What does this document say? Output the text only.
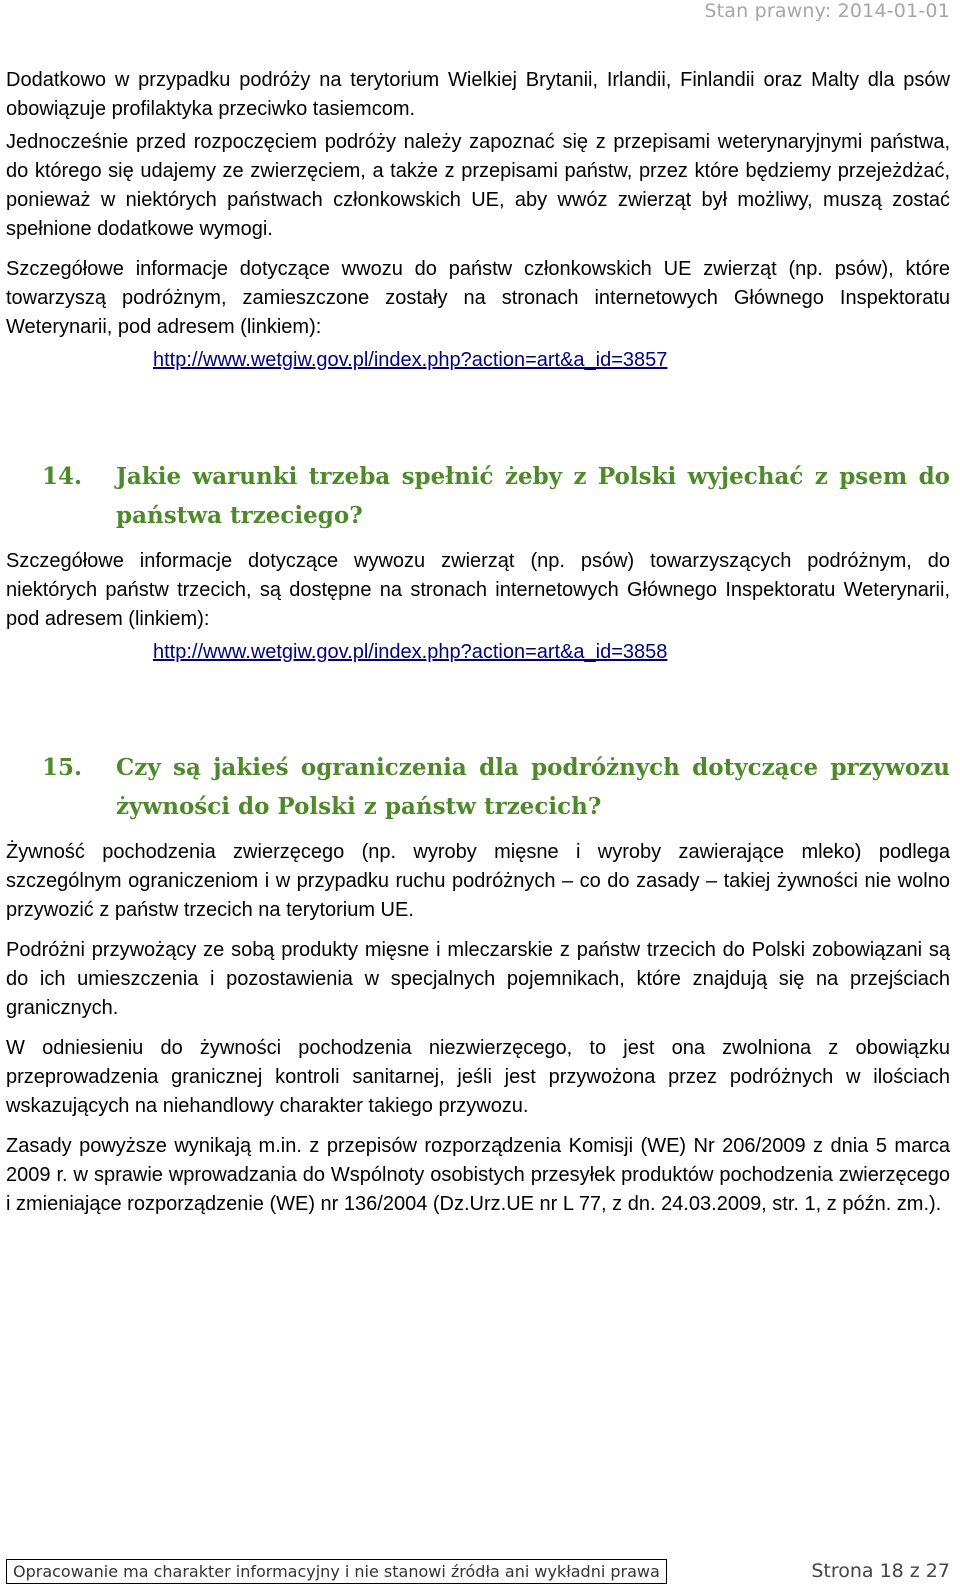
Stan prawny: 2014-01-01

Dodatkowo w przypadku podróży na terytorium Wielkiej Brytanii, Irlandii, Finlandii oraz Malty dla psów obowiązuje profilaktyka przeciwko tasiemcom.

Jednocześnie przed rozpoczęciem podróży należy zapoznać się z przepisami weterynaryjnymi państwa, do którego się udajemy ze zwierzęciem, a także z przepisami państw, przez które będziemy przejeżdżać, ponieważ w niektórych państwach członkowskich UE, aby wwóz zwierząt był możliwy, muszą zostać spełnione dodatkowe wymogi.

Szczegółowe informacje dotyczące wwozu do państw członkowskich UE zwierząt (np. psów), które towarzyszą podróżnym, zamieszczone zostały na stronach internetowych Głównego Inspektoratu Weterynarii, pod adresem (linkiem):

http://www.wetgiw.gov.pl/index.php?action=art&a_id=3857

14.	Jakie warunki trzeba spełnić żeby z Polski wyjechać z psem do państwa trzeciego?

Szczegółowe informacje dotyczące wywozu zwierząt (np. psów) towarzyszących podróżnym, do niektórych państw trzecich, są dostępne na stronach internetowych Głównego Inspektoratu Weterynarii, pod adresem (linkiem):

http://www.wetgiw.gov.pl/index.php?action=art&a_id=3858

15.	Czy są jakieś ograniczenia dla podróżnych dotyczące przywozu żywności do Polski z państw trzecich?

Żywność pochodzenia zwierzęcego (np. wyroby mięsne i wyroby zawierające mleko) podlega szczególnym ograniczeniom i w przypadku ruchu podróżnych – co do zasady – takiej żywności nie wolno przywozić z państw trzecich na terytorium UE.

Podróżni przywożący ze sobą produkty mięsne i mleczarskie z państw trzecich do Polski zobowiązani są do ich umieszczenia i pozostawienia w specjalnych pojemnikach, które znajdują się na przejściach granicznych.

W odniesieniu do żywności pochodzenia niezwierzęcego, to jest ona zwolniona z obowiązku przeprowadzenia granicznej kontroli sanitarnej, jeśli jest przywożona przez podróżnych w ilościach wskazujących na niehandlowy charakter takiego przywozu.

Zasady powyższe wynikają m.in. z przepisów rozporządzenia Komisji (WE) Nr 206/2009 z dnia 5 marca 2009 r. w sprawie wprowadzania do Wspólnoty osobistych przesyłek produktów pochodzenia zwierzęcego i zmieniające rozporządzenie (WE) nr 136/2004 (Dz.Urz.UE nr L 77, z dn. 24.03.2009, str. 1, z późn. zm.).

Opracowanie ma charakter informacyjny i nie stanowi źródła ani wykładni prawa	Strona 18 z 27
